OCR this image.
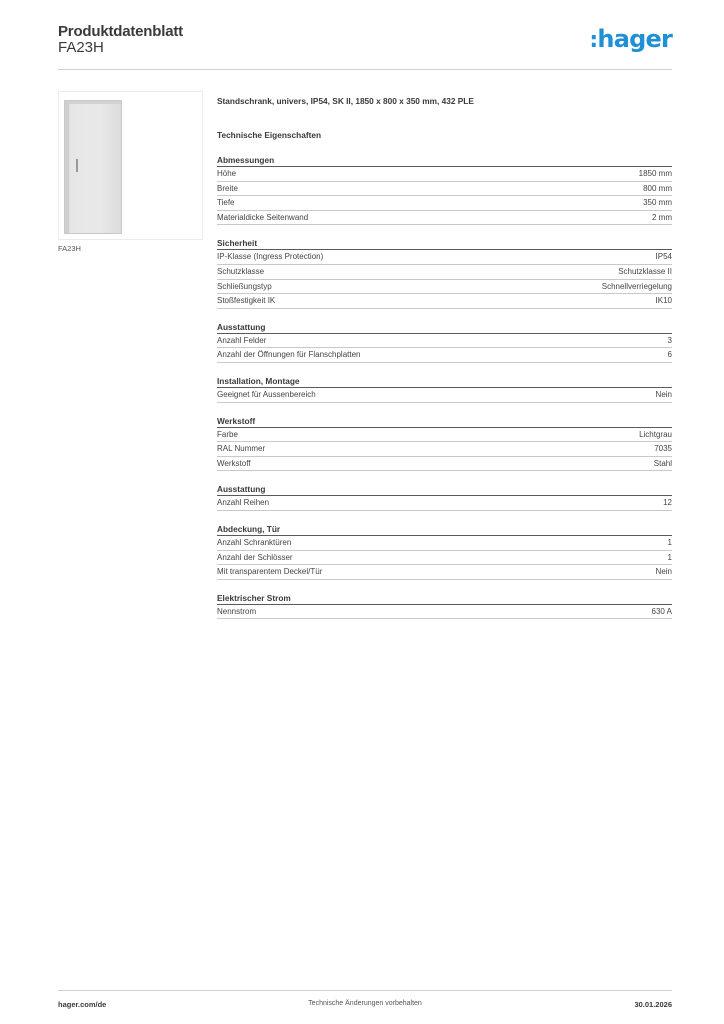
Produktdatenblatt
FA23H	:hager
FA23H
Standschrank, univers, IP54, SK II, 1850 x 800 x 350 mm, 432 PLE
Technische Eigenschaften
Abmessungen
Höhe	1850 mm
Breite	800 mm
Tiefe	350 mm
Materialdicke Seitenwand	2 mm
Sicherheit
IP-Klasse (Ingress Protection)	IP54
Schutzklasse	Schutzklasse II
Schließungstyp	Schnellverriegelung
Stoßfestigkeit IK	IK10
Ausstattung
Anzahl Felder	3
Anzahl der Öffnungen für Flanschplatten	6
Installation, Montage
Geeignet für Aussenbereich	Nein
Werkstoff
Farbe	Lichtgrau
RAL Nummer	7035
Werkstoff	Stahl
Ausstattung
Anzahl Reihen	12
Abdeckung, Tür
Anzahl Schranktüren	1
Anzahl der Schlösser	1
Mit transparentem Deckel/Tür	Nein
Elektrischer Strom
Nennstrom	630 A
hager.com/de	Technische Änderungen vorbehalten	30.01.2026
